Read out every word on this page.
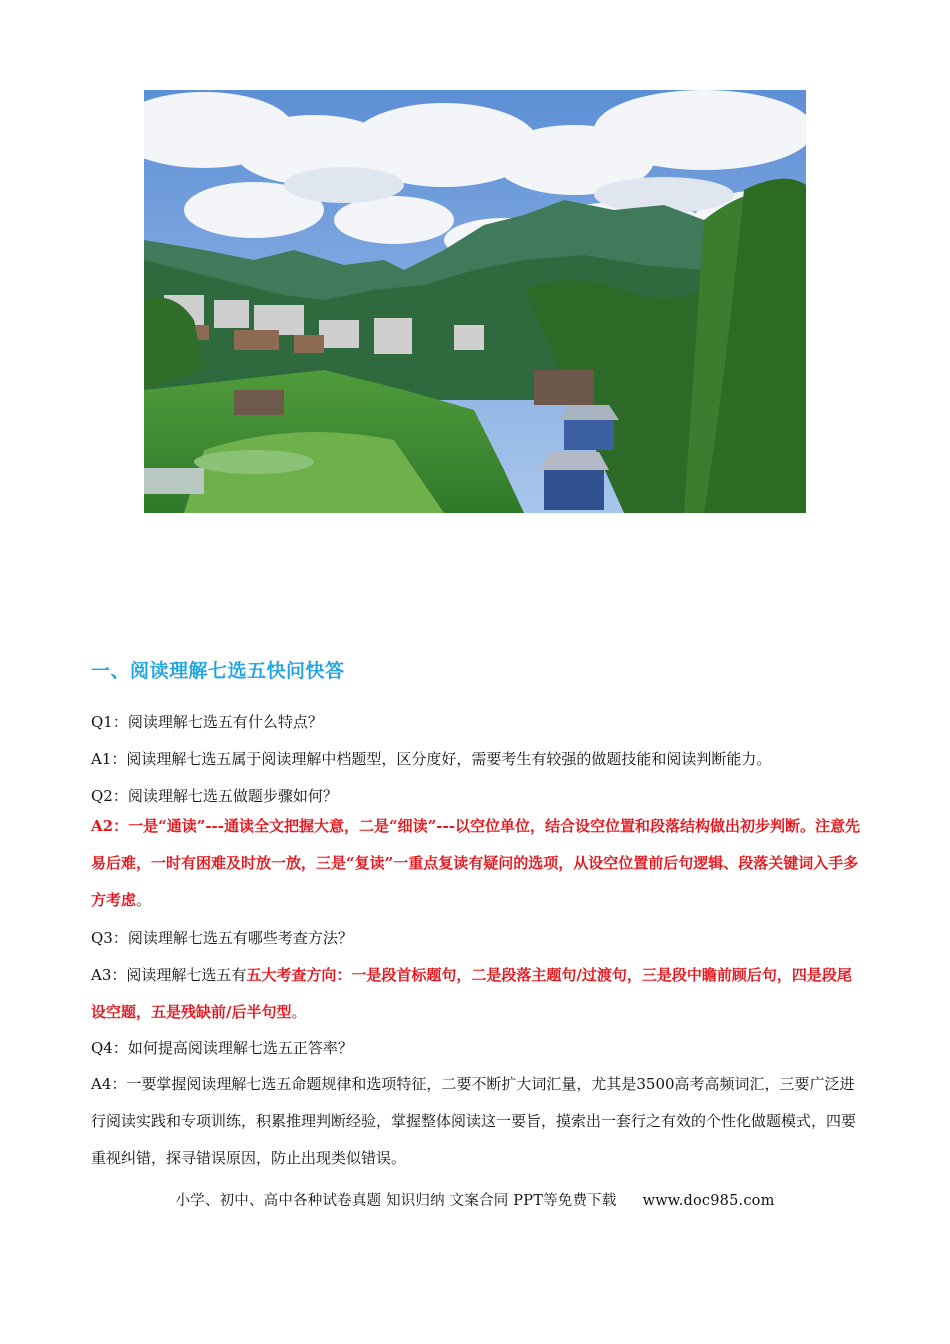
一、阅读理解七选五快问快答
Q1：阅读理解七选五有什么特点？
A1：阅读理解七选五属于阅读理解中档题型，区分度好，需要考生有较强的做题技能和阅读判断能力。
Q2：阅读理解七选五做题步骤如何？
A2：一是“通读”---通读全文把握大意，二是“细读”---以空位单位，结合设空位置和段落结构做出初步判断。注意先易后难，一时有困难及时放一放，三是“复读”一重点复读有疑问的选项，从设空位置前后句逻辑、段落关键词入手多方考虑。
Q3：阅读理解七选五有哪些考查方法？
A3：阅读理解七选五有五大考查方向：一是段首标题句，二是段落主题句/过渡句，三是段中瞻前顾后句，四是段尾设空题，五是残缺前/后半句型。
Q4：如何提高阅读理解七选五正答率？
A4：一要掌握阅读理解七选五命题规律和选项特征，二要不断扩大词汇量，尤其是3500高考高频词汇，三要广泛进行阅读实践和专项训练，积累推理判断经验，掌握整体阅读这一要旨，摸索出一套行之有效的个性化做题模式，四要重视纠错，探寻错误原因，防止出现类似错误。
小学、初中、高中各种试卷真题 知识归纳 文案合同 PPT等免费下载 www.doc985.com
